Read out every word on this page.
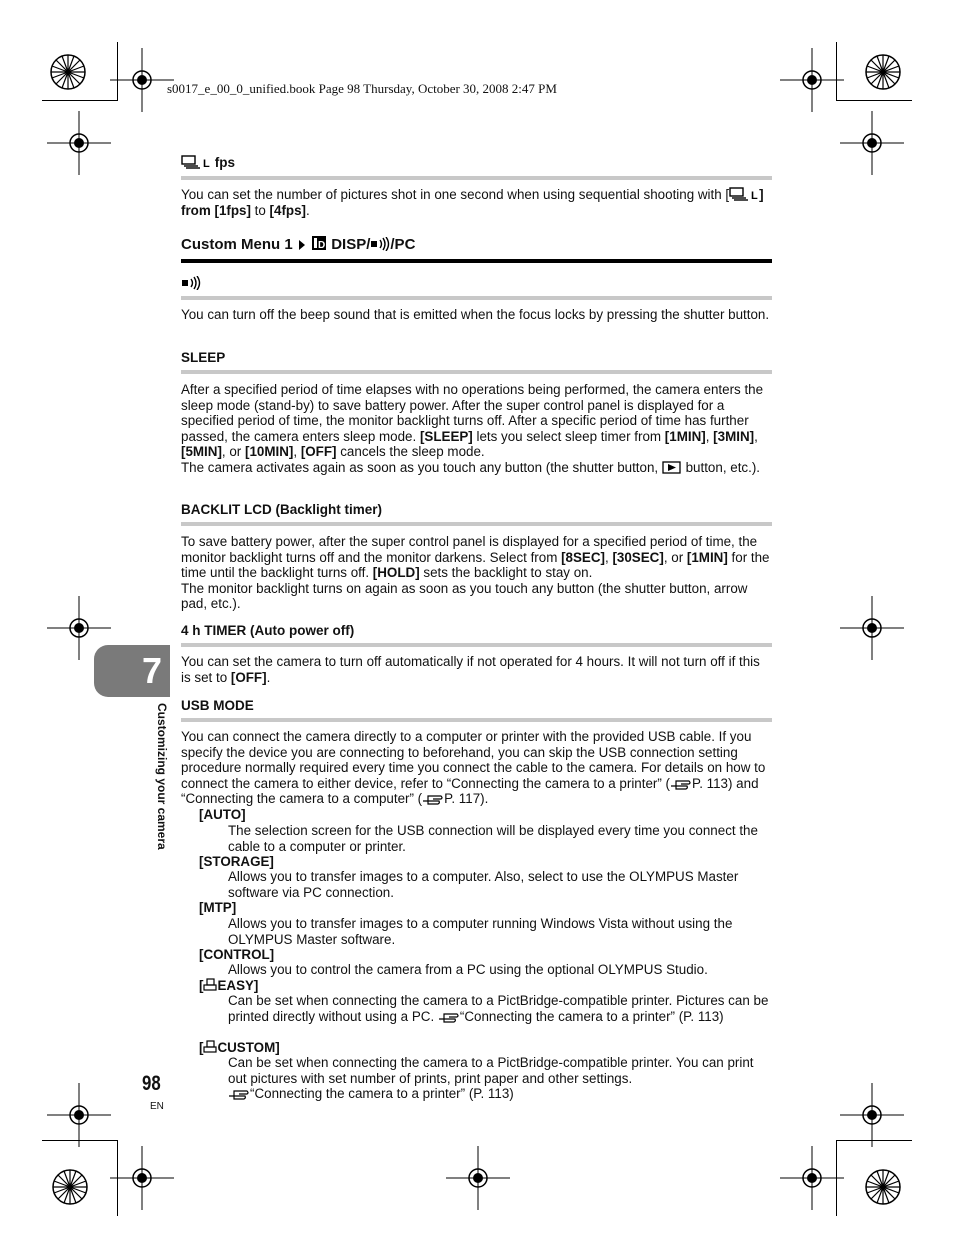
s0017_e_00_0_unified.book Page 98 Thursday, October 30, 2008 2:47 PM
L fps
You can set the number of pictures shot in one second when using sequential shooting with [ L ] from [1fps] to [4fps].
Custom Menu 1	D DISP/ /PC
You can turn off the beep sound that is emitted when the focus locks by pressing the shutter button.
SLEEP
After a specified period of time elapses with no operations being performed, the camera enters the sleep mode (stand-by) to save battery power. After the super control panel is displayed for a specified period of time, the monitor backlight turns off. After a specific period of time has further passed, the camera enters sleep mode. [SLEEP] lets you select sleep timer from [1MIN], [3MIN], [5MIN], or [10MIN], [OFF] cancels the sleep mode.
The camera activates again as soon as you touch any button (the shutter button,  button, etc.).
BACKLIT LCD (Backlight timer)
To save battery power, after the super control panel is displayed for a specified period of time, the monitor backlight turns off and the monitor darkens. Select from [8SEC], [30SEC], or [1MIN] for the time until the backlight turns off. [HOLD] sets the backlight to stay on.
The monitor backlight turns on again as soon as you touch any button (the shutter button, arrow pad, etc.).
4 h TIMER (Auto power off)
You can set the camera to turn off automatically if not operated for 4 hours. It will not turn off if this is set to [OFF].
USB MODE
You can connect the camera directly to a computer or printer with the provided USB cable. If you specify the device you are connecting to beforehand, you can skip the USB connection setting procedure normally required every time you connect the cable to the camera. For details on how to connect the camera to either device, refer to “Connecting the camera to a printer” ( P. 113) and “Connecting the camera to a computer” ( P. 117).
[AUTO]
The selection screen for the USB connection will be displayed every time you connect the cable to a computer or printer.
[STORAGE]
Allows you to transfer images to a computer. Also, select to use the OLYMPUS Master software via PC connection.
[MTP]
Allows you to transfer images to a computer running Windows Vista without using the OLYMPUS Master software.
[CONTROL]
Allows you to control the camera from a PC using the optional OLYMPUS Studio.
[ EASY]
Can be set when connecting the camera to a PictBridge-compatible printer. Pictures can be printed directly without using a PC. “Connecting the camera to a printer” (P. 113)
[ CUSTOM]
Can be set when connecting the camera to a PictBridge-compatible printer. You can print out pictures with set number of prints, print paper and other settings.
“Connecting the camera to a printer” (P. 113)
7
Customizing your camera
98
EN
